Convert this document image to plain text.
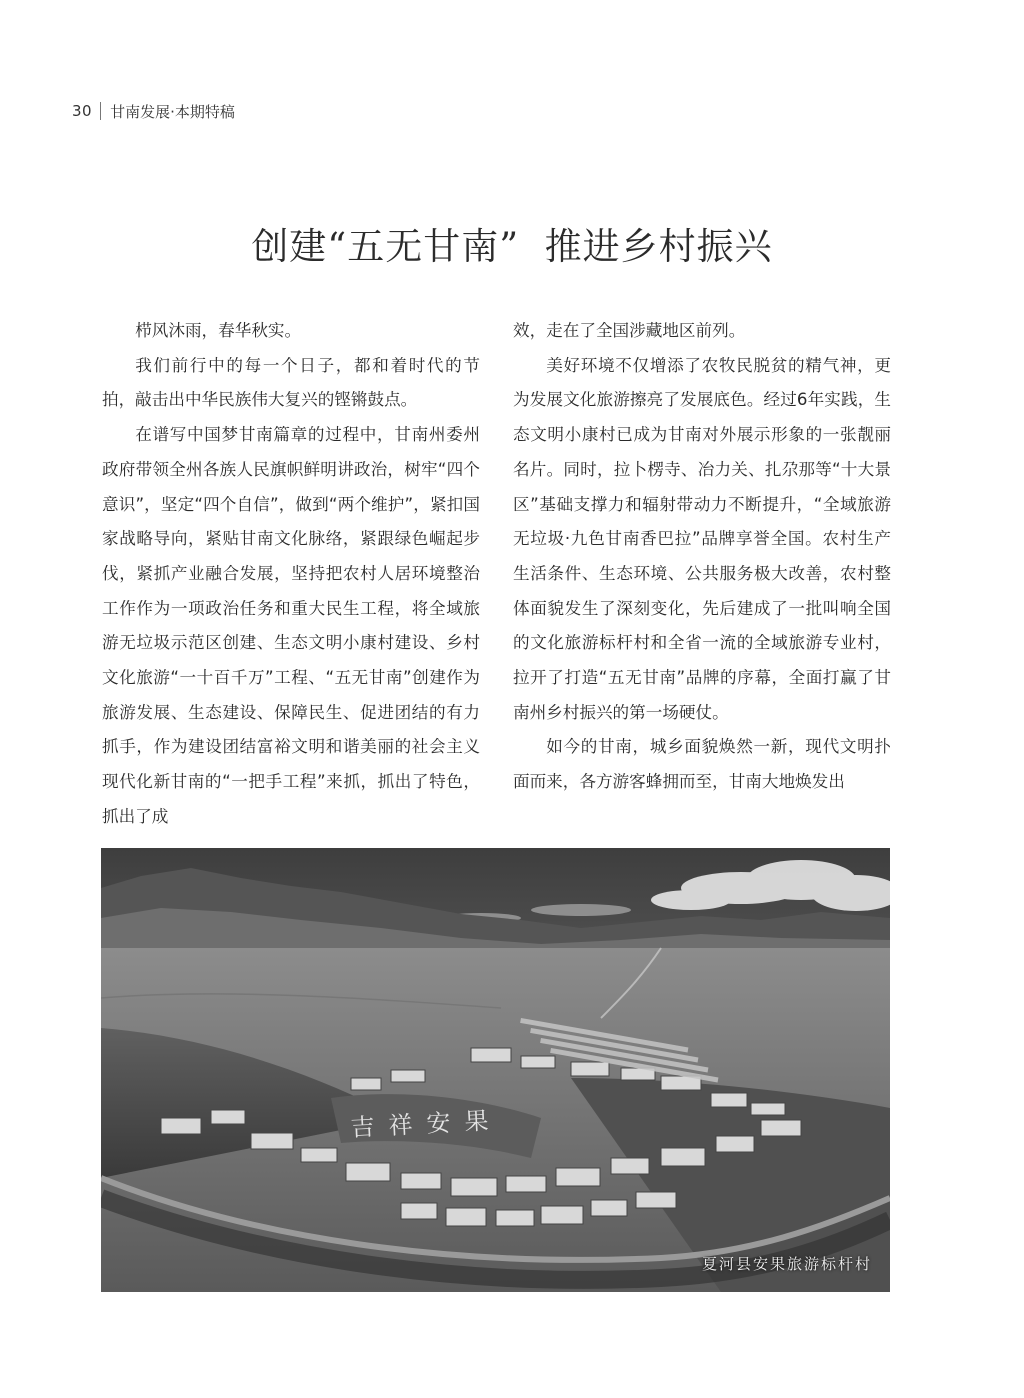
30 甘南发展·本期特稿
创建“五无甘南”  推进乡村振兴

栉风沐雨，春华秋实。

我们前行中的每一个日子，都和着时代的节拍，敲击出中华民族伟大复兴的铿锵鼓点。

在谱写中国梦甘南篇章的过程中，甘南州委州政府带领全州各族人民旗帜鲜明讲政治，树牢“四个意识”，坚定“四个自信”，做到“两个维护”，紧扣国家战略导向，紧贴甘南文化脉络，紧跟绿色崛起步伐，紧抓产业融合发展，坚持把农村人居环境整治工作作为一项政治任务和重大民生工程，将全域旅游无垃圾示范区创建、生态文明小康村建设、乡村文化旅游“一十百千万”工程、“五无甘南”创建作为旅游发展、生态建设、保障民生、促进团结的有力抓手，作为建设团结富裕文明和谐美丽的社会主义现代化新甘南的“一把手工程”来抓，抓出了特色，抓出了成

效，走在了全国涉藏地区前列。

美好环境不仅增添了农牧民脱贫的精气神，更为发展文化旅游擦亮了发展底色。经过6年实践，生态文明小康村已成为甘南对外展示形象的一张靓丽名片。同时，拉卜楞寺、冶力关、扎尕那等“十大景区”基础支撑力和辐射带动力不断提升，“全域旅游无垃圾·九色甘南香巴拉”品牌享誉全国。农村生产生活条件、生态环境、公共服务极大改善，农村整体面貌发生了深刻变化，先后建成了一批叫响全国的文化旅游标杆村和全省一流的全域旅游专业村，拉开了打造“五无甘南”品牌的序幕，全面打赢了甘南州乡村振兴的第一场硬仗。

如今的甘南，城乡面貌焕然一新，现代文明扑面而来，各方游客蜂拥而至，甘南大地焕发出

吉祥安果
夏河县安果旅游标杆村
